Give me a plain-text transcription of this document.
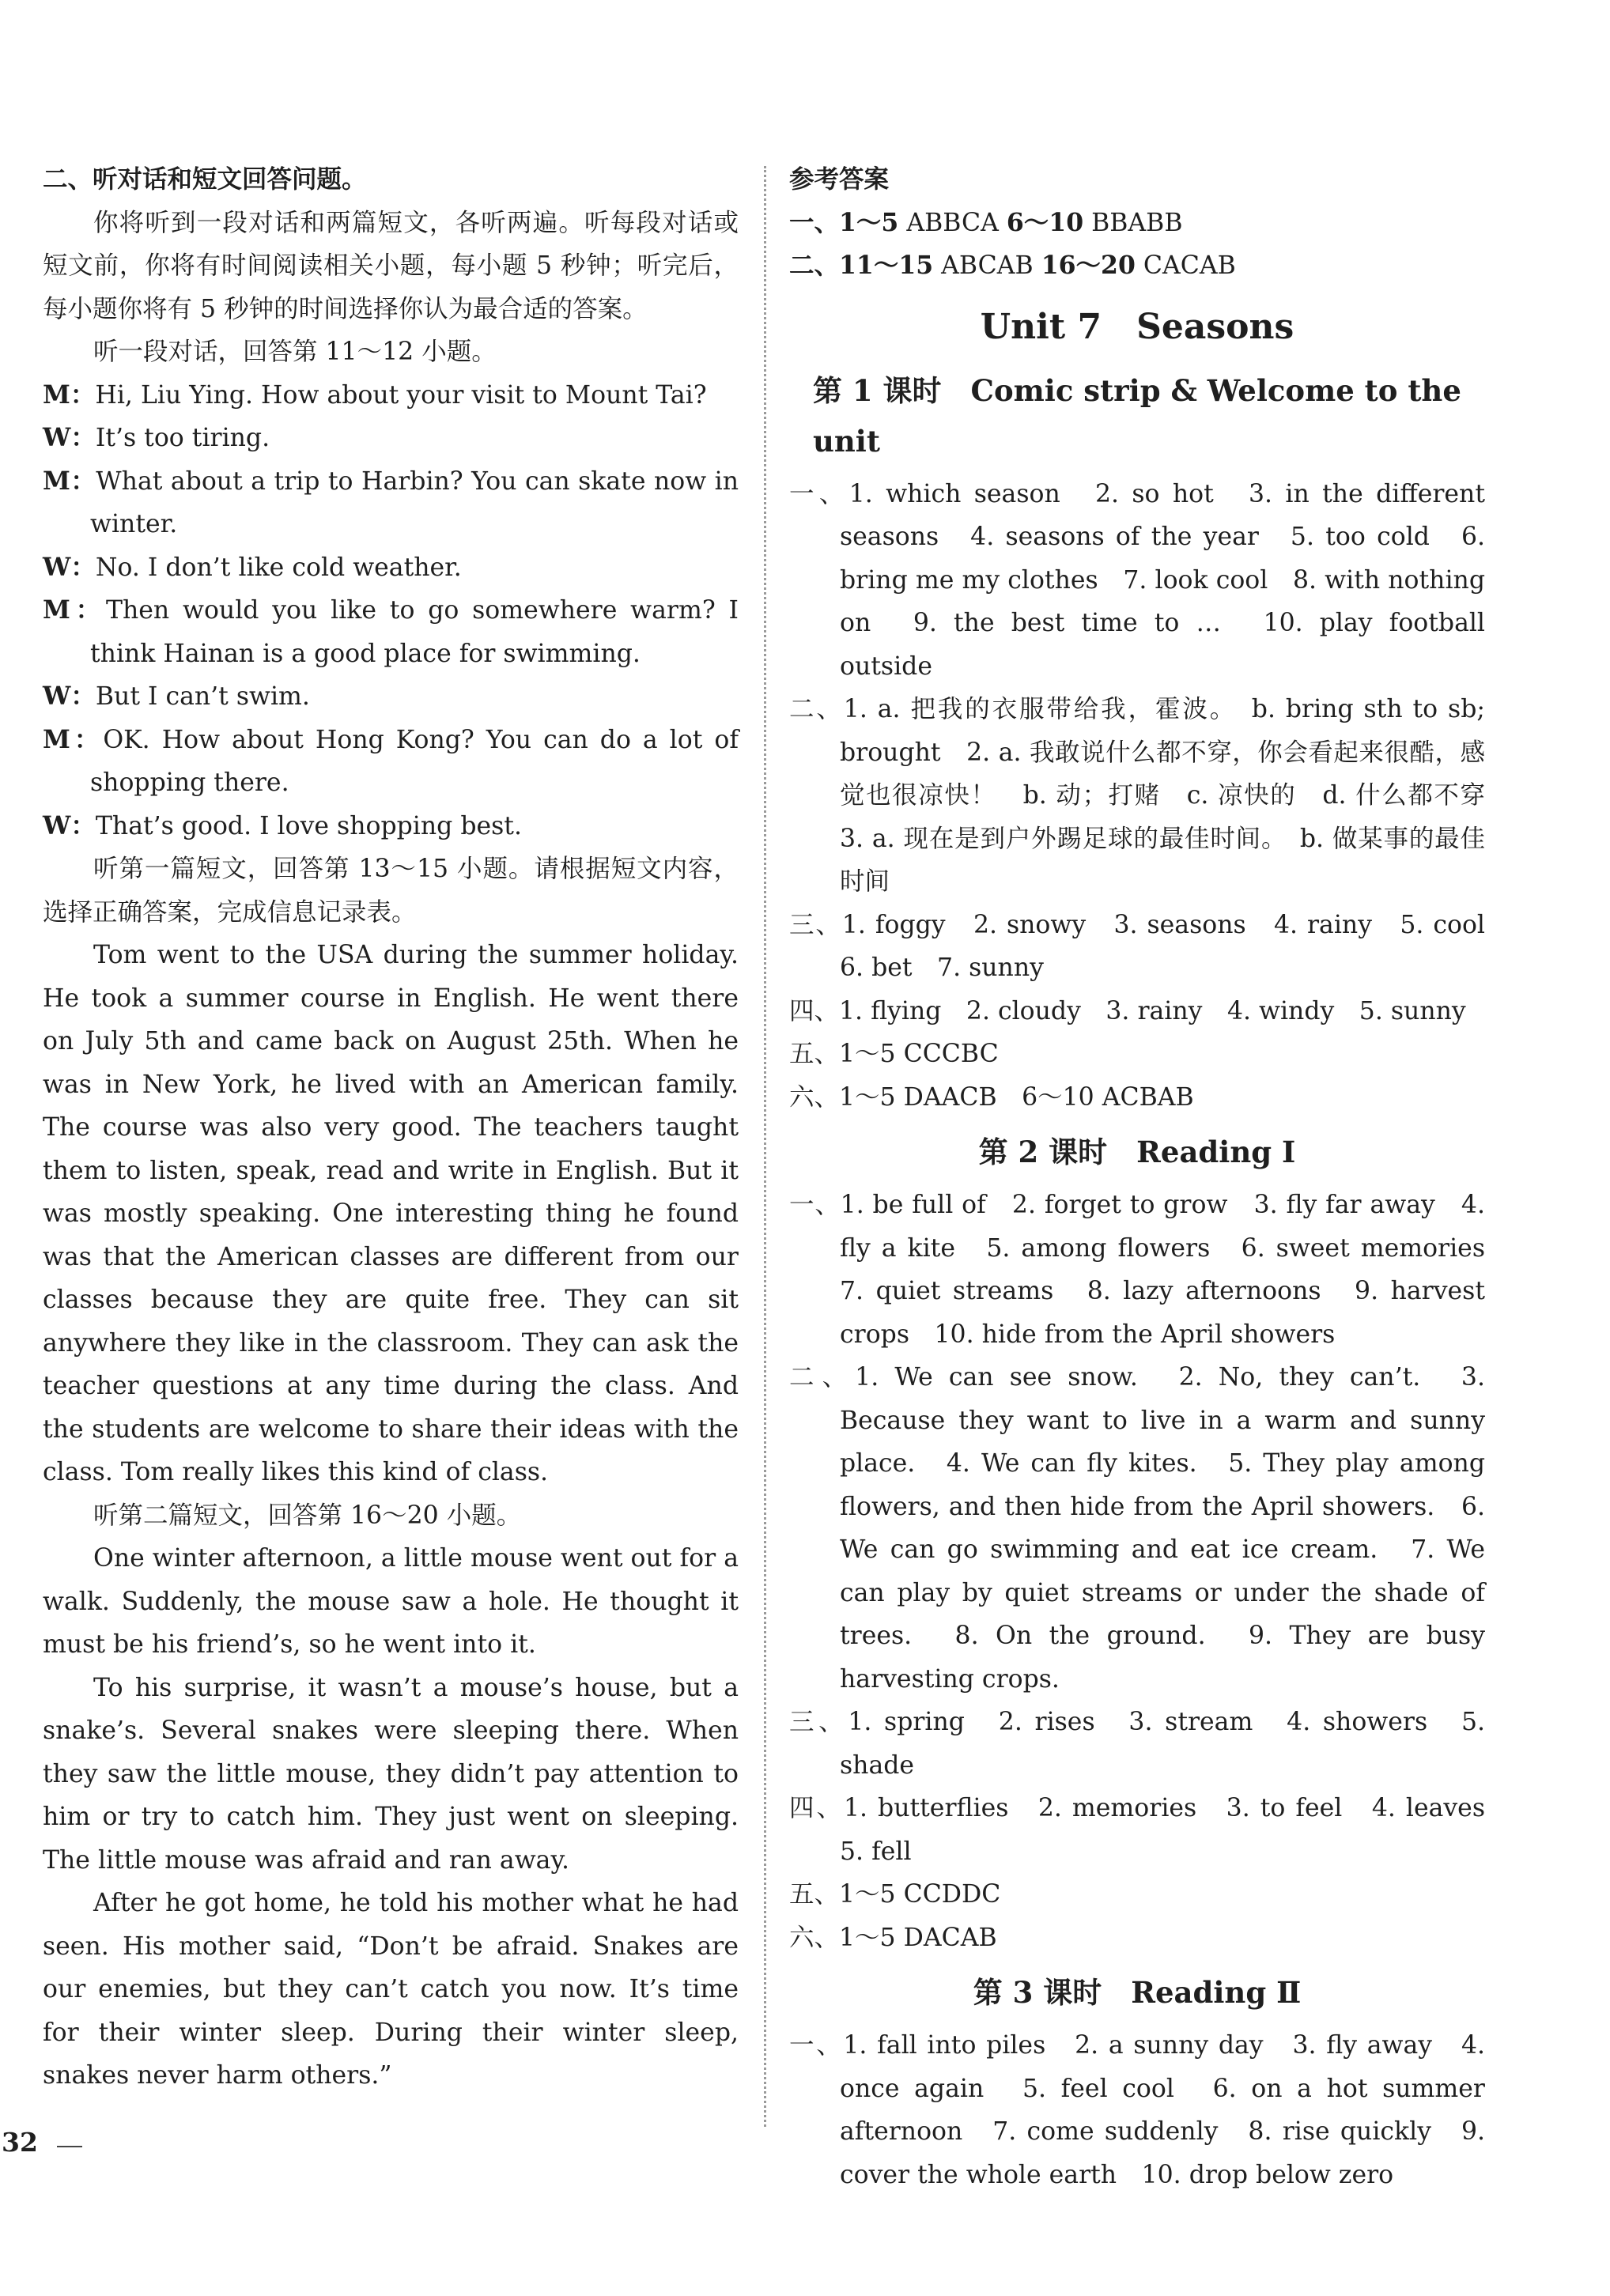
二、听对话和短文回答问题。

你将听到一段对话和两篇短文，各听两遍。听每段对话或短文前，你将有时间阅读相关小题，每小题 5 秒钟；听完后，每小题你将有 5 秒钟的时间选择你认为最合适的答案。

听一段对话，回答第 11～12 小题。

M：Hi, Liu Ying. How about your visit to Mount Tai?

W：It’s too tiring.

M：What about a trip to Harbin? You can skate now in winter.

W：No. I don’t like cold weather.

M：Then would you like to go somewhere warm? I think Hainan is a good place for swimming.

W：But I can’t swim.

M：OK. How about Hong Kong? You can do a lot of shopping there.

W：That’s good. I love shopping best.

听第一篇短文，回答第 13～15 小题。请根据短文内容，选择正确答案，完成信息记录表。

Tom went to the USA during the summer holiday. He took a summer course in English. He went there on July 5th and came back on August 25th. When he was in New York, he lived with an American family. The course was also very good. The teachers taught them to listen, speak, read and write in English. But it was mostly speaking. One interesting thing he found was that the American classes are different from our classes because they are quite free. They can sit anywhere they like in the classroom. They can ask the teacher questions at any time during the class. And the students are welcome to share their ideas with the class. Tom really likes this kind of class.

听第二篇短文，回答第 16～20 小题。

One winter afternoon, a little mouse went out for a walk. Suddenly, the mouse saw a hole. He thought it must be his friend’s, so he went into it.

To his surprise, it wasn’t a mouse’s house, but a snake’s. Several snakes were sleeping there. When they saw the little mouse, they didn’t pay attention to him or try to catch him. They just went on sleeping. The little mouse was afraid and ran away.

After he got home, he told his mother what he had seen. His mother said, “Don’t be afraid. Snakes are our enemies, but they can’t catch you now. It’s time for their winter sleep. During their winter sleep, snakes never harm others.”

参考答案

一、1～5 ABBCA 6～10 BBABB

二、11～15 ABCAB 16～20 CACAB

Unit 7　Seasons
第 1 课时　Comic strip & Welcome to the unit

一、1. which season　2. so hot　3. in the different seasons　4. seasons of the year　5. too cold　6. bring me my clothes　7. look cool　8. with nothing on　9. the best time to …　10. play football outside

二、1. a. 把我的衣服带给我，霍波。　b. bring sth to sb; brought　2. a. 我敢说什么都不穿，你会看起来很酷，感觉也很凉快！　b. 动；打赌　c. 凉快的　d. 什么都不穿　3. a. 现在是到户外踢足球的最佳时间。　b. 做某事的最佳时间

三、1. foggy　2. snowy　3. seasons　4. rainy　5. cool　6. bet　7. sunny

四、1. flying　2. cloudy　3. rainy　4. windy　5. sunny

五、1～5 CCCBC

六、1～5 DAACB　6～10 ACBAB

第 2 课时　Reading Ⅰ

一、1. be full of　2. forget to grow　3. fly far away　4. fly a kite　5. among flowers　6. sweet memories　7. quiet streams　8. lazy afternoons　9. harvest crops　10. hide from the April showers

二、1. We can see snow.　2. No, they can’t.　3. Because they want to live in a warm and sunny place.　4. We can fly kites.　5. They play among flowers, and then hide from the April showers.　6. We can go swimming and eat ice cream.　7. We can play by quiet streams or under the shade of trees.　8. On the ground.　9. They are busy harvesting crops.

三、1. spring　2. rises　3. stream　4. showers　5. shade

四、1. butterflies　2. memories　3. to feel　4. leaves　5. fell

五、1～5 CCDDC

六、1～5 DACAB

第 3 课时　Reading Ⅱ

一、1. fall into piles　2. a sunny day　3. fly away　4. once again　5. feel cool　6. on a hot summer afternoon　7. come suddenly　8. rise quickly　9. cover the whole earth　10. drop below zero

32
